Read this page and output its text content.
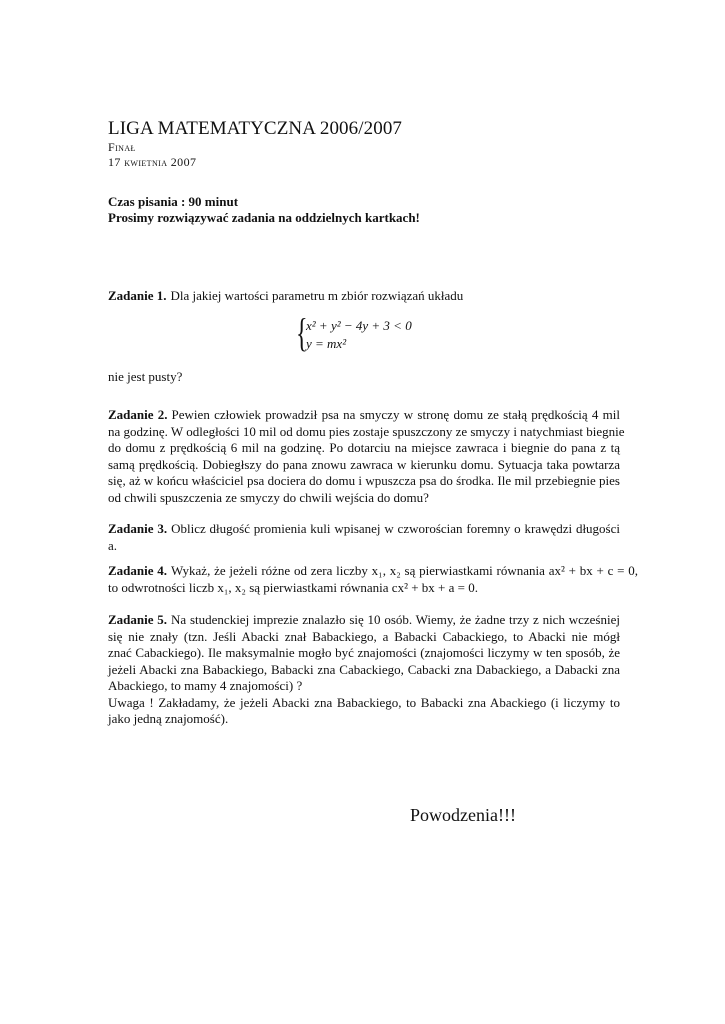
LIGA MATEMATYCZNA 2006/2007
Finał
17 kwietnia 2007
Czas pisania : 90 minut
Prosimy rozwiązywać zadania na oddzielnych kartkach!
Zadanie 1. Dla jakiej wartości parametru m zbiór rozwiązań układu
{
x² + y² − 4y + 3 < 0
y = mx²
nie jest pusty?
Zadanie 2. Pewien człowiek prowadził psa na smyczy w stronę domu ze stałą prędkością 4 mil
na godzinę. W odległości 10 mil od domu pies zostaje spuszczony ze smyczy i natychmiast biegnie
do domu z prędkością 6 mil na godzinę. Po dotarciu na miejsce zawraca i biegnie do pana z tą
samą prędkością. Dobiegłszy do pana znowu zawraca w kierunku domu. Sytuacja taka powtarza
się, aż w końcu właściciel psa dociera do domu i wpuszcza psa do środka. Ile mil przebiegnie pies
od chwili spuszczenia ze smyczy do chwili wejścia do domu?
Zadanie 3. Oblicz długość promienia kuli wpisanej w czworościan foremny o krawędzi długości a.
Zadanie 4. Wykaż, że jeżeli różne od zera liczby x₁, x₂ są pierwiastkami równania ax² + bx + c = 0,
to odwrotności liczb x₁, x₂ są pierwiastkami równania cx² + bx + a = 0.
Zadanie 5. Na studenckiej imprezie znalazło się 10 osób. Wiemy, że żadne trzy z nich wcześniej
się nie znały (tzn. Jeśli Abacki znał Babackiego, a Babacki Cabackiego, to Abacki nie mógł
znać Cabackiego). Ile maksymalnie mogło być znajomości (znajomości liczymy w ten sposób, że
jeżeli Abacki zna Babackiego, Babacki zna Cabackiego, Cabacki zna Dabackiego, a Dabacki zna
Abackiego, to mamy 4 znajomości) ?
Uwaga ! Zakładamy, że jeżeli Abacki zna Babackiego, to Babacki zna Abackiego (i liczymy to
jako jedną znajomość).
Powodzenia!!!
